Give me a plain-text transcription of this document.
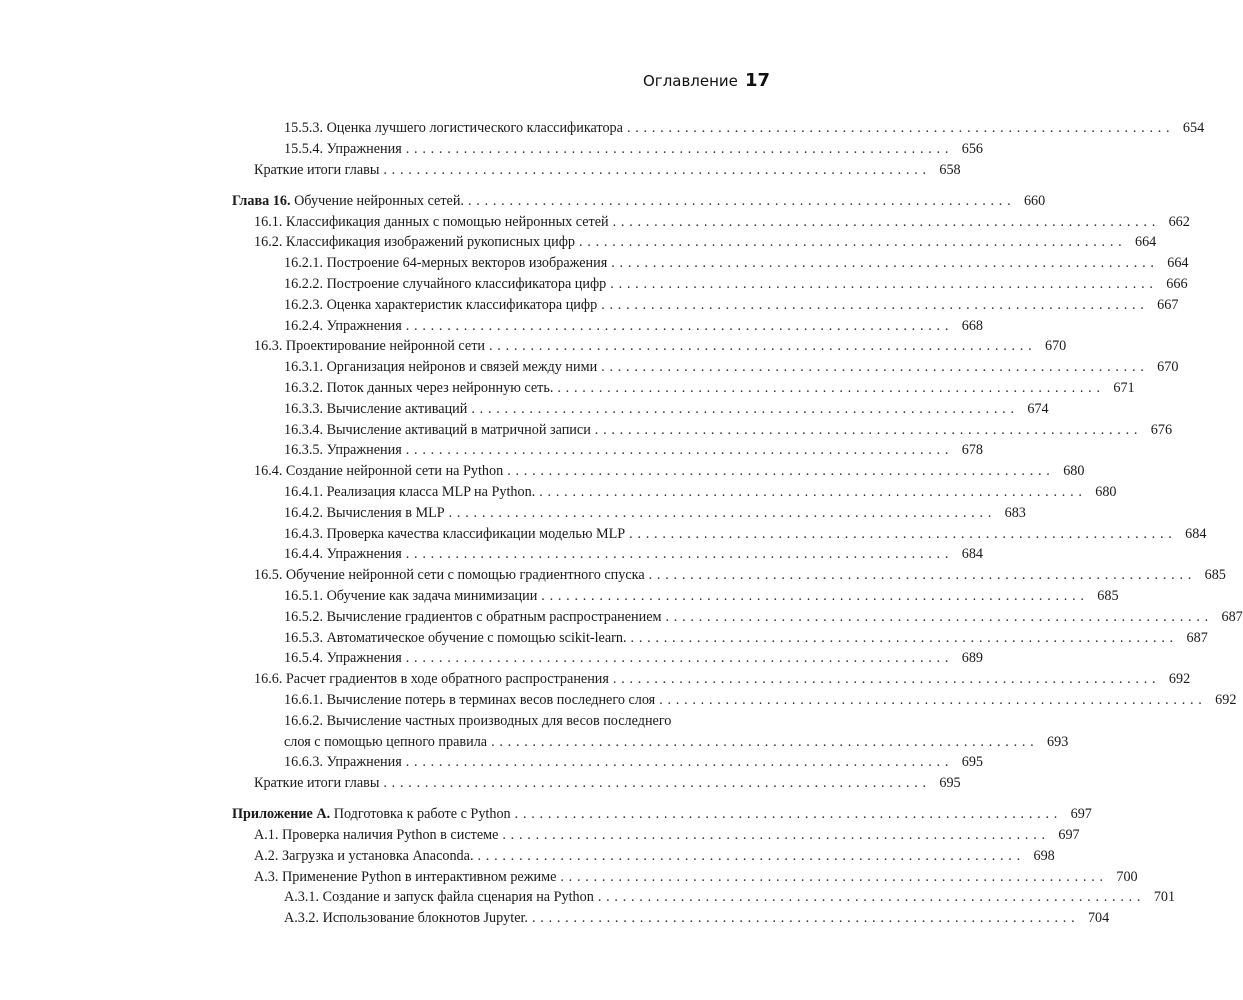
Оглавление 17
15.5.3. Оценка лучшего логистического классификатора . . . . . . . . . . . . . . . . . . . . . . . . . . . . . . . . . . . . . . . . . . . . . . . . . . . . . . . . . . . . . . . . . . 654
15.5.4. Упражнения . . . . . . . . . . . . . . . . . . . . . . . . . . . . . . . . . . . . . . . . . . . . . . . . . . . . . . . . . . . . . . . . . . 656
Краткие итоги главы . . . . . . . . . . . . . . . . . . . . . . . . . . . . . . . . . . . . . . . . . . . . . . . . . . . . . . . . . . . . . . . . . . 658
Глава 16. Обучение нейронных сетей. . . . . . . . . . . . . . . . . . . . . . . . . . . . . . . . . . . . . . . . . . . . . . . . . . . . . . . . . . . . . . . . . . . 660
16.1. Классификация данных с помощью нейронных сетей . . . . . . . . . . . . . . . . . . . . . . . . . . . . . . . . . . . . . . . . . . . . . . . . . . . . . . . . . . . . . . . . . . 662
16.2. Классификация изображений рукописных цифр . . . . . . . . . . . . . . . . . . . . . . . . . . . . . . . . . . . . . . . . . . . . . . . . . . . . . . . . . . . . . . . . . . 664
16.2.1. Построение 64-мерных векторов изображения . . . . . . . . . . . . . . . . . . . . . . . . . . . . . . . . . . . . . . . . . . . . . . . . . . . . . . . . . . . . . . . . . . 664
16.2.2. Построение случайного классификатора цифр . . . . . . . . . . . . . . . . . . . . . . . . . . . . . . . . . . . . . . . . . . . . . . . . . . . . . . . . . . . . . . . . . . 666
16.2.3. Оценка характеристик классификатора цифр . . . . . . . . . . . . . . . . . . . . . . . . . . . . . . . . . . . . . . . . . . . . . . . . . . . . . . . . . . . . . . . . . . 667
16.2.4. Упражнения . . . . . . . . . . . . . . . . . . . . . . . . . . . . . . . . . . . . . . . . . . . . . . . . . . . . . . . . . . . . . . . . . . 668
16.3. Проектирование нейронной сети . . . . . . . . . . . . . . . . . . . . . . . . . . . . . . . . . . . . . . . . . . . . . . . . . . . . . . . . . . . . . . . . . . 670
16.3.1. Организация нейронов и связей между ними . . . . . . . . . . . . . . . . . . . . . . . . . . . . . . . . . . . . . . . . . . . . . . . . . . . . . . . . . . . . . . . . . . 670
16.3.2. Поток данных через нейронную сеть. . . . . . . . . . . . . . . . . . . . . . . . . . . . . . . . . . . . . . . . . . . . . . . . . . . . . . . . . . . . . . . . . . . 671
16.3.3. Вычисление активаций . . . . . . . . . . . . . . . . . . . . . . . . . . . . . . . . . . . . . . . . . . . . . . . . . . . . . . . . . . . . . . . . . . 674
16.3.4. Вычисление активаций в матричной записи . . . . . . . . . . . . . . . . . . . . . . . . . . . . . . . . . . . . . . . . . . . . . . . . . . . . . . . . . . . . . . . . . . 676
16.3.5. Упражнения . . . . . . . . . . . . . . . . . . . . . . . . . . . . . . . . . . . . . . . . . . . . . . . . . . . . . . . . . . . . . . . . . . 678
16.4. Создание нейронной сети на Python . . . . . . . . . . . . . . . . . . . . . . . . . . . . . . . . . . . . . . . . . . . . . . . . . . . . . . . . . . . . . . . . . . 680
16.4.1. Реализация класса MLP на Python. . . . . . . . . . . . . . . . . . . . . . . . . . . . . . . . . . . . . . . . . . . . . . . . . . . . . . . . . . . . . . . . . . . 680
16.4.2. Вычисления в MLP . . . . . . . . . . . . . . . . . . . . . . . . . . . . . . . . . . . . . . . . . . . . . . . . . . . . . . . . . . . . . . . . . . 683
16.4.3. Проверка качества классификации моделью MLP . . . . . . . . . . . . . . . . . . . . . . . . . . . . . . . . . . . . . . . . . . . . . . . . . . . . . . . . . . . . . . . . . . 684
16.4.4. Упражнения . . . . . . . . . . . . . . . . . . . . . . . . . . . . . . . . . . . . . . . . . . . . . . . . . . . . . . . . . . . . . . . . . . 684
16.5. Обучение нейронной сети с помощью градиентного спуска . . . . . . . . . . . . . . . . . . . . . . . . . . . . . . . . . . . . . . . . . . . . . . . . . . . . . . . . . . . . . . . . . . 685
16.5.1. Обучение как задача минимизации . . . . . . . . . . . . . . . . . . . . . . . . . . . . . . . . . . . . . . . . . . . . . . . . . . . . . . . . . . . . . . . . . . 685
16.5.2. Вычисление градиентов с обратным распространением . . . . . . . . . . . . . . . . . . . . . . . . . . . . . . . . . . . . . . . . . . . . . . . . . . . . . . . . . . . . . . . . . . 687
16.5.3. Автоматическое обучение с помощью scikit-learn. . . . . . . . . . . . . . . . . . . . . . . . . . . . . . . . . . . . . . . . . . . . . . . . . . . . . . . . . . . . . . . . . . . 687
16.5.4. Упражнения . . . . . . . . . . . . . . . . . . . . . . . . . . . . . . . . . . . . . . . . . . . . . . . . . . . . . . . . . . . . . . . . . . 689
16.6. Расчет градиентов в ходе обратного распространения . . . . . . . . . . . . . . . . . . . . . . . . . . . . . . . . . . . . . . . . . . . . . . . . . . . . . . . . . . . . . . . . . . 692
16.6.1. Вычисление потерь в терминах весов последнего слоя . . . . . . . . . . . . . . . . . . . . . . . . . . . . . . . . . . . . . . . . . . . . . . . . . . . . . . . . . . . . . . . . . . 692
16.6.2. Вычисление частных производных для весов последнего
слоя с помощью цепного правила . . . . . . . . . . . . . . . . . . . . . . . . . . . . . . . . . . . . . . . . . . . . . . . . . . . . . . . . . . . . . . . . . . 693
16.6.3. Упражнения . . . . . . . . . . . . . . . . . . . . . . . . . . . . . . . . . . . . . . . . . . . . . . . . . . . . . . . . . . . . . . . . . . 695
Краткие итоги главы . . . . . . . . . . . . . . . . . . . . . . . . . . . . . . . . . . . . . . . . . . . . . . . . . . . . . . . . . . . . . . . . . . 695
Приложение А. Подготовка к работе с Python . . . . . . . . . . . . . . . . . . . . . . . . . . . . . . . . . . . . . . . . . . . . . . . . . . . . . . . . . . . . . . . . . . 697
А.1. Проверка наличия Python в системе . . . . . . . . . . . . . . . . . . . . . . . . . . . . . . . . . . . . . . . . . . . . . . . . . . . . . . . . . . . . . . . . . . 697
А.2. Загрузка и установка Anaconda. . . . . . . . . . . . . . . . . . . . . . . . . . . . . . . . . . . . . . . . . . . . . . . . . . . . . . . . . . . . . . . . . . . 698
А.3. Применение Python в интерактивном режиме . . . . . . . . . . . . . . . . . . . . . . . . . . . . . . . . . . . . . . . . . . . . . . . . . . . . . . . . . . . . . . . . . . 700
А.3.1. Создание и запуск файла сценария на Python . . . . . . . . . . . . . . . . . . . . . . . . . . . . . . . . . . . . . . . . . . . . . . . . . . . . . . . . . . . . . . . . . . 701
А.3.2. Использование блокнотов Jupyter. . . . . . . . . . . . . . . . . . . . . . . . . . . . . . . . . . . . . . . . . . . . . . . . . . . . . . . . . . . . . . . . . . . 704
